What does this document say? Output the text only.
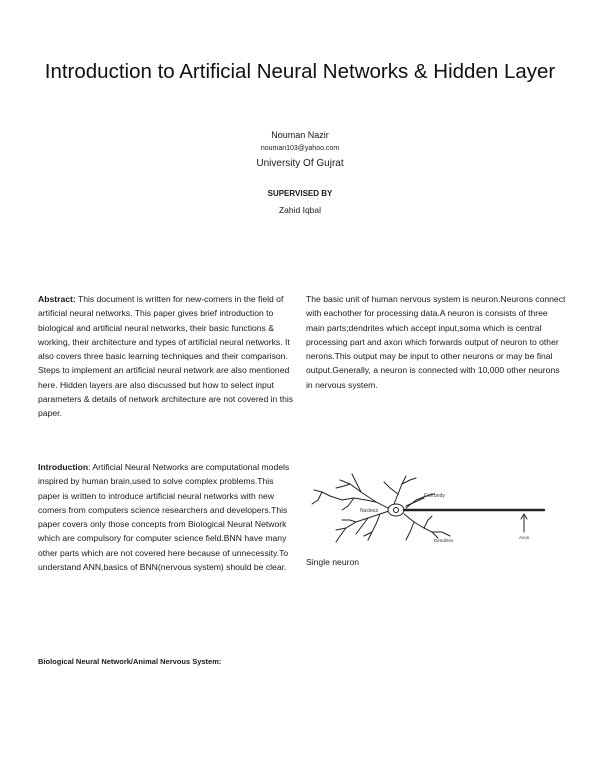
Introduction to Artificial Neural Networks & Hidden Layer
Nouman Nazir
nouman103@yahoo.com
University Of Gujrat
SUPERVISED BY
Zahid Iqbal

Abstract: This document is written for new-comers in the field of artificial neural networks. This paper gives brief introduction to biological and artificial neural networks, their basic functions & working, their architecture and types of artificial neural networks. It also covers three basic learning techniques and their comparison.

Steps to implement an artificial neural network are also mentioned here. Hidden layers are also discussed but how to select input parameters & details of network architecture are not covered in this paper.

Introduction: Artificial Neural Networks are computational models inspired by human brain,used to solve complex problems.This paper is written to introduce artificial neural networks with new comers from computers science researchers and developers.This paper covers only those concepts from Biological Neural Network which are compulsory for computer science field.BNN have many other parts which are not covered here because of unnecessity.To understand ANN,basics of BNN(nervous system) should be clear.

Biological Neural Network/Animal Nervous System:
The basic unit of human nervous system is neuron.Neurons connect with eachother for processing data.A neuron is consists of three main parts;dendrites which accept input,soma which is central processing part and axon which forwards output of neuron to other nerons.This output may be input to other neurons or may be final output.Generally, a neuron is connected with 10,000 other neurons in nervous system.
Cell body
Nucleus
Axon
Dendrites
Single neuron
